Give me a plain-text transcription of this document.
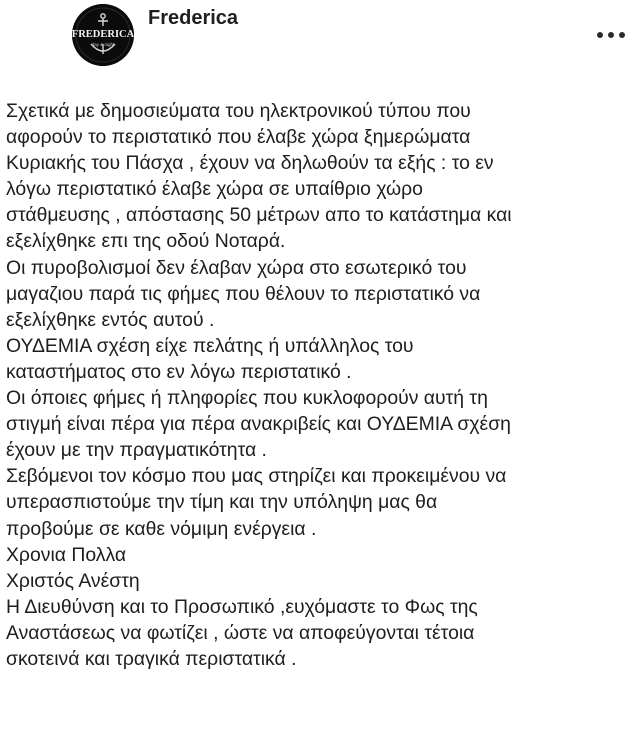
FREDERICA
day & night
Frederica
Σχετικά με δημοσιεύματα του ηλεκτρονικού τύπου που
αφορούν το περιστατικό που έλαβε χώρα ξημερώματα
Κυριακής του Πάσχα , έχουν να δηλωθούν τα εξής : το εν
λόγω περιστατικό έλαβε χώρα σε υπαίθριο χώρο
στάθμευσης , απόστασης 50 μέτρων απο το κατάστημα και
εξελίχθηκε επι της οδού Νοταρά.
Οι πυροβολισμοί δεν έλαβαν χώρα στο εσωτερικό του
μαγαζιου παρά τις φήμες που θέλουν το περιστατικό να
εξελίχθηκε εντός αυτού .
ΟΥΔΕΜΙΑ σχέση είχε πελάτης ή υπάλληλος του
καταστήματος στο εν λόγω περιστατικό .
Οι όποιες φήμες ή πληφορίες που κυκλοφορούν αυτή τη
στιγμή είναι πέρα για πέρα ανακριβείς και ΟΥΔΕΜΙΑ σχέση
έχουν με την πραγματικότητα .
Σεβόμενοι τον κόσμο που μας στηρίζει και προκειμένου να
υπερασπιστούμε την τίμη και την υπόληψη μας θα
προβούμε σε καθε νόμιμη ενέργεια .
Χρονια Πολλα
Χριστός Ανέστη
Η Διευθύνση και το Προσωπικό ,ευχόμαστε το Φως της
Αναστάσεως να φωτίζει , ώστε να αποφεύγονται τέτοια
σκοτεινά και τραγικά περιστατικά .
